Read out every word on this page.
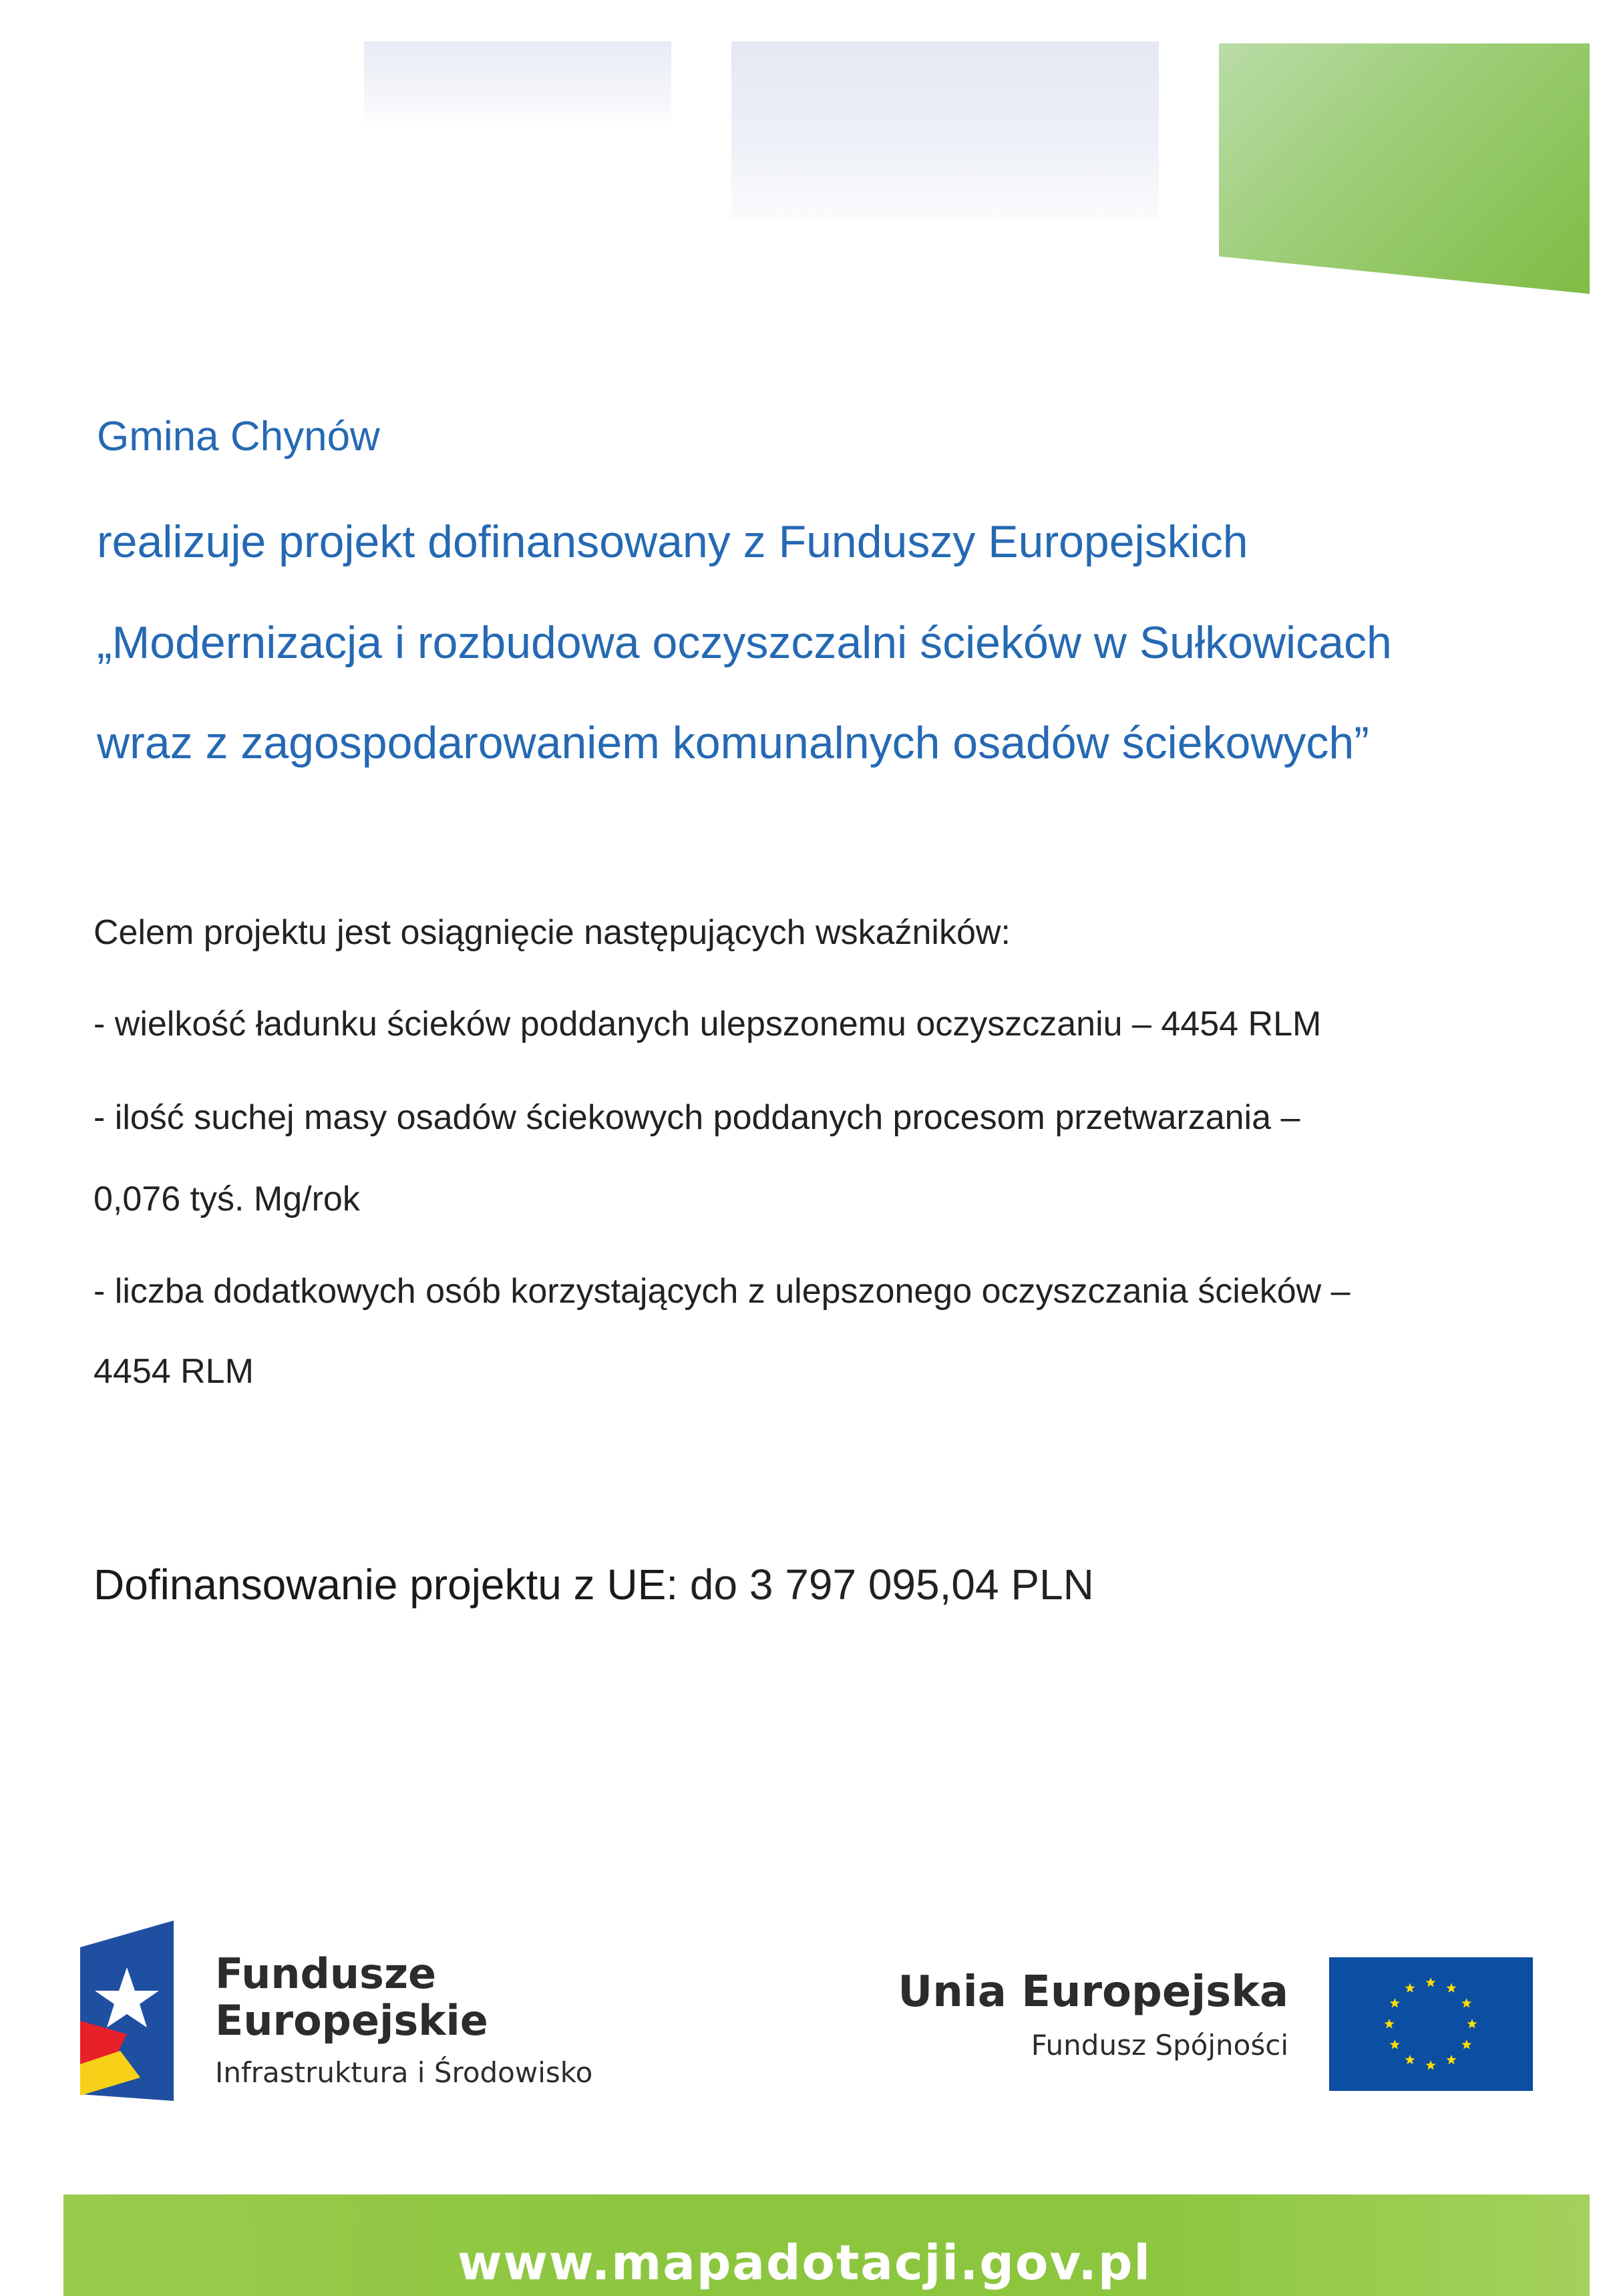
Gmina Chynów
realizuje projekt dofinansowany z Funduszy Europejskich
„Modernizacja i rozbudowa oczyszczalni ścieków w Sułkowicach
wraz z zagospodarowaniem komunalnych osadów ściekowych”
Celem projektu jest osiągnięcie następujących wskaźników:
- wielkość ładunku ścieków poddanych ulepszonemu oczyszczaniu – 4454 RLM
- ilość suchej masy osadów ściekowych poddanych procesom przetwarzania –
0,076 tyś. Mg/rok
- liczba dodatkowych osób korzystających z ulepszonego oczyszczania ścieków –
4454 RLM
Dofinansowanie projektu z UE: do 3 797 095,04 PLN
Fundusze
Europejskie
Infrastruktura i Środowisko
Unia Europejska
Fundusz Spójności
www.mapadotacji.gov.pl
